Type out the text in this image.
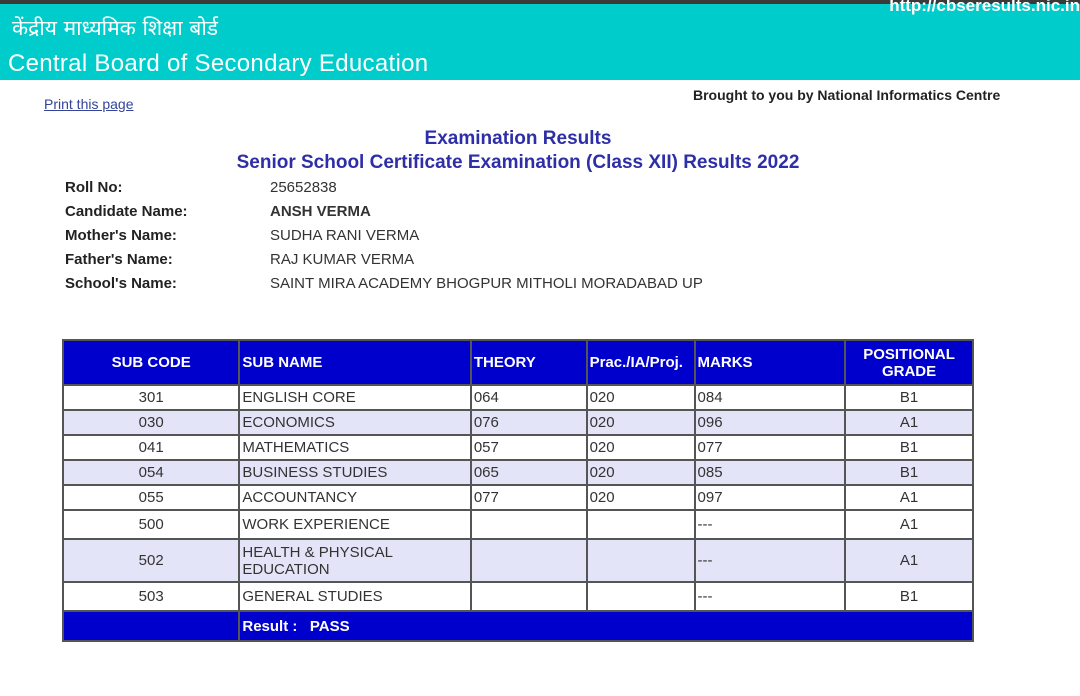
केंद्रीय माध्यमिक शिक्षा बोर्ड
Central Board of Secondary Education
http://cbseresults.nic.in
Print this page
Brought to you by National Informatics Centre
Examination Results
Senior School Certificate Examination (Class XII) Results 2022
Roll No:	25652838
Candidate Name:	ANSH VERMA
Mother's Name:	SUDHA RANI VERMA
Father's Name:	RAJ KUMAR VERMA
School's Name:	SAINT MIRA ACADEMY BHOGPUR MITHOLI MORADABAD UP
SUB CODE	SUB NAME	THEORY	Prac./IA/Proj.	MARKS	POSITIONAL GRADE
301	ENGLISH CORE	064	020	084	B1
030	ECONOMICS	076	020	096	A1
041	MATHEMATICS	057	020	077	B1
054	BUSINESS STUDIES	065	020	085	B1
055	ACCOUNTANCY	077	020	097	A1
500	WORK EXPERIENCE			---	A1
502	HEALTH & PHYSICAL EDUCATION			---	A1
503	GENERAL STUDIES			---	B1
	Result :   PASS				
